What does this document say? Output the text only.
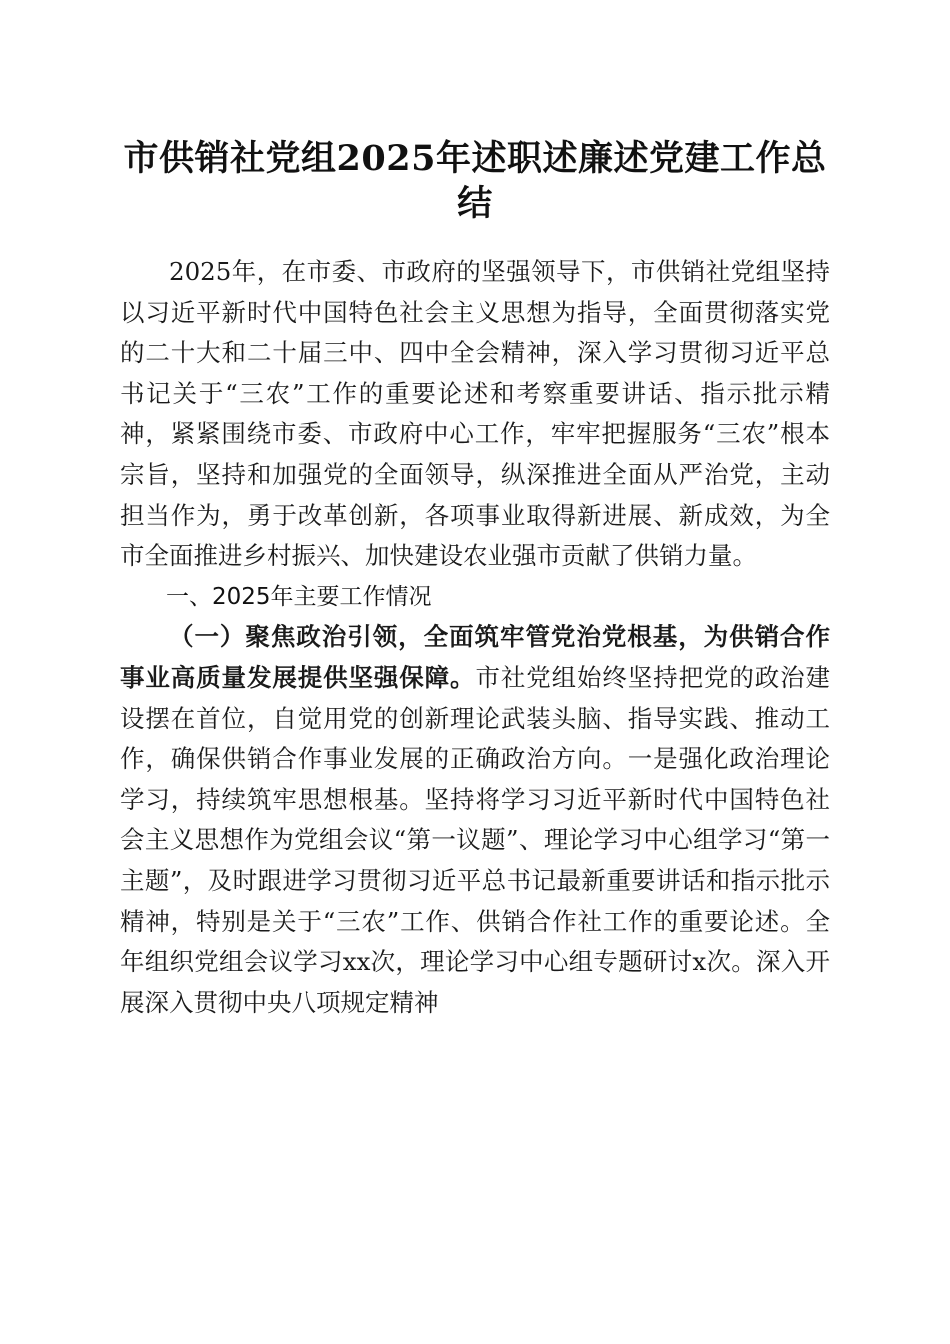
市供销社党组2025年述职述廉述党建工作总结

2025年，在市委、市政府的坚强领导下，市供销社党组坚持以习近平新时代中国特色社会主义思想为指导，全面贯彻落实党的二十大和二十届三中、四中全会精神，深入学习贯彻习近平总书记关于“三农”工作的重要论述和考察重要讲话、指示批示精神，紧紧围绕市委、市政府中心工作，牢牢把握服务“三农”根本宗旨，坚持和加强党的全面领导，纵深推进全面从严治党，主动担当作为，勇于改革创新，各项事业取得新进展、新成效，为全市全面推进乡村振兴、加快建设农业强市贡献了供销力量。

一、2025年主要工作情况

（一）聚焦政治引领，全面筑牢管党治党根基，为供销合作事业高质量发展提供坚强保障。市社党组始终坚持把党的政治建设摆在首位，自觉用党的创新理论武装头脑、指导实践、推动工作，确保供销合作事业发展的正确政治方向。一是强化政治理论学习，持续筑牢思想根基。坚持将学习习近平新时代中国特色社会主义思想作为党组会议“第一议题”、理论学习中心组学习“第一主题”，及时跟进学习贯彻习近平总书记最新重要讲话和指示批示精神，特别是关于“三农”工作、供销合作社工作的重要论述。全年组织党组会议学习xx次，理论学习中心组专题研讨x次。深入开展深入贯彻中央八项规定精神
